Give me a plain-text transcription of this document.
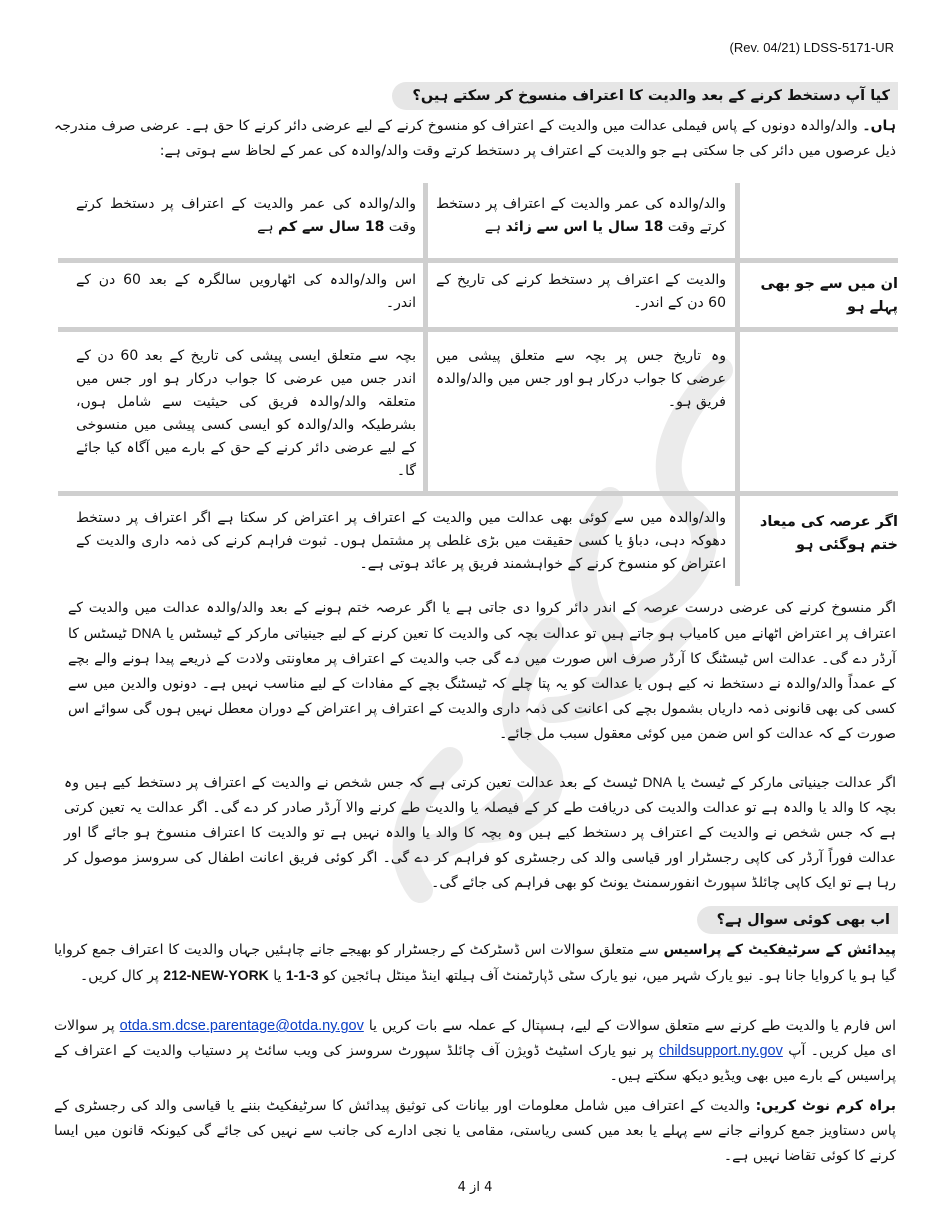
(Rev. 04/21) LDSS-5171-UR
کیا آپ دستخط کرنے کے بعد والدیت کا اعتراف منسوخ کر سکتے ہیں؟
ہاں۔ والد/والدہ دونوں کے پاس فیملی عدالت میں والدیت کے اعتراف کو منسوخ کرنے کے لیے عرضی دائر کرنے کا حق ہے۔ عرضی صرف مندرجہ ذیل عرصوں میں دائر کی جا سکتی ہے جو والدیت کے اعتراف پر دستخط کرتے وقت والد/والدہ کی عمر کے لحاظ سے ہوتی ہے:
والد/والدہ کی عمر والدیت کے اعتراف پر دستخط کرتے وقت 18 سال یا اس سے زائد ہے
والد/والدہ کی عمر والدیت کے اعتراف پر دستخط کرتے وقت 18 سال سے کم ہے
ان میں سے جو بھی پہلے ہو
والدیت کے اعتراف پر دستخط کرنے کی تاریخ کے 60 دن کے اندر۔
اس والد/والدہ کی اٹھارویں سالگرہ کے بعد 60 دن کے اندر۔
وہ تاریخ جس پر بچہ سے متعلق پیشی میں عرضی کا جواب درکار ہو اور جس میں والد/والدہ فریق ہو۔
بچہ سے متعلق ایسی پیشی کی تاریخ کے بعد 60 دن کے اندر جس میں عرضی کا جواب درکار ہو اور جس میں متعلقہ والد/والدہ فریق کی حیثیت سے شامل ہوں، بشرطیکہ والد/والدہ کو ایسی کسی پیشی میں منسوخی کے لیے عرضی دائر کرنے کے حق کے بارے میں آگاہ کیا جائے گا۔
اگر عرصہ کی میعاد ختم ہوگئی ہو
والد/والدہ میں سے کوئی بھی عدالت میں والدیت کے اعتراف پر اعتراض کر سکتا ہے اگر اعتراف پر دستخط دھوکہ دہی، دباؤ یا کسی حقیقت میں بڑی غلطی پر مشتمل ہوں۔ ثبوت فراہم کرنے کی ذمہ داری والدیت کے اعتراض کو منسوخ کرنے کے خواہشمند فریق پر عائد ہوتی ہے۔
اگر منسوخ کرنے کی عرضی درست عرصہ کے اندر دائر کروا دی جاتی ہے یا اگر عرصہ ختم ہونے کے بعد والد/والدہ عدالت میں والدیت کے اعتراف پر اعتراض اٹھانے میں کامیاب ہو جاتے ہیں تو عدالت بچہ کی والدیت کا تعین کرنے کے لیے جینیاتی مارکر کے ٹیسٹس یا DNA ٹیسٹس کا آرڈر دے گی۔ عدالت اس ٹیسٹنگ کا آرڈر صرف اس صورت میں دے گی جب والدیت کے اعتراف پر معاونتی ولادت کے ذریعے پیدا ہونے والے بچے کے عمداً والد/والدہ نے دستخط نہ کیے ہوں یا عدالت کو یہ پتا چلے کہ ٹیسٹنگ بچے کے مفادات کے لیے مناسب نہیں ہے۔ دونوں والدین میں سے کسی کی بھی قانونی ذمہ داریاں بشمول بچے کی اعانت کی ذمہ داری والدیت کے اعتراف پر اعتراض کے دوران معطل نہیں ہوں گی سوائے اس صورت کے کہ عدالت کو اس ضمن میں کوئی معقول سبب مل جائے۔
اگر عدالت جینیاتی مارکر کے ٹیسٹ یا DNA ٹیسٹ کے بعد عدالت تعین کرتی ہے کہ جس شخص نے والدیت کے اعتراف پر دستخط کیے ہیں وہ بچہ کا والد یا والدہ ہے تو عدالت والدیت کی دریافت طے کر کے فیصلہ یا والدیت طے کرنے والا آرڈر صادر کر دے گی۔ اگر عدالت یہ تعین کرتی ہے کہ جس شخص نے والدیت کے اعتراف پر دستخط کیے ہیں وہ بچہ کا والد یا والدہ نہیں ہے تو والدیت کا اعتراف منسوخ ہو جائے گا اور عدالت فوراً آرڈر کی کاپی رجسٹرار اور قیاسی والد کی رجسٹری کو فراہم کر دے گی۔ اگر کوئی فریق اعانت اطفال کی سروسز موصول کر رہا ہے تو ایک کاپی چائلڈ سپورٹ انفورسمنٹ یونٹ کو بھی فراہم کی جائے گی۔
اب بھی کوئی سوال ہے؟
پیدائش کے سرٹیفکیٹ کے پراسیس سے متعلق سوالات اس ڈسٹرکٹ کے رجسٹرار کو بھیجے جانے چاہئیں جہاں والدیت کا اعتراف جمع کروایا گیا ہو یا کروایا جانا ہو۔ نیو یارک شہر میں، نیو یارک سٹی ڈپارٹمنٹ آف ہیلتھ اینڈ مینٹل ہائجین کو 1-1-3 یا 212-NEW-YORK پر کال کریں۔
اس فارم یا والدیت طے کرنے سے متعلق سوالات کے لیے، ہسپتال کے عملہ سے بات کریں یا otda.sm.dcse.parentage@otda.ny.gov پر سوالات ای میل کریں۔ آپ childsupport.ny.gov پر نیو یارک اسٹیٹ ڈویژن آف چائلڈ سپورٹ سروسز کی ویب سائٹ پر دستیاب والدیت کے اعتراف کے پراسیس کے بارے میں بھی ویڈیو دیکھ سکتے ہیں۔
براہ کرم نوٹ کریں: والدیت کے اعتراف میں شامل معلومات اور بیانات کی توثیق پیدائش کا سرٹیفکیٹ بننے یا قیاسی والد کی رجسٹری کے پاس دستاویز جمع کروانے جانے سے پہلے یا بعد میں کسی ریاستی، مقامی یا نجی ادارے کی جانب سے نہیں کی جائے گی کیونکہ قانون میں ایسا کرنے کا کوئی تقاضا نہیں ہے۔
4 از 4
